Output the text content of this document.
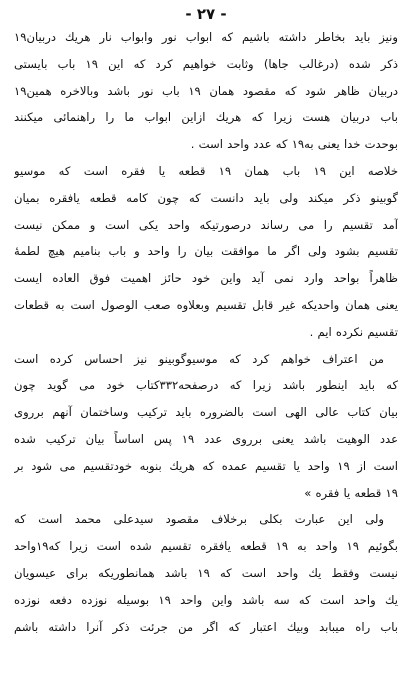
- ٢٧ -
ونيز بايد بخاطر داشته باشيم كه ابواب نور وابواب نار هريك دربيان١٩
ذكر شده (درغالب جاها) وثابت خواهيم كرد كه اين ١٩ باب بايستى
دربيان ظاهر شود كه مقصود همان ١٩ باب نور باشد وبالاخره همين١٩
باب دربيان هست زيرا كه هريك ازاين ابواب ما را راهنمائى ميكنند
بوحدت خدا يعنى به١٩ كه عدد واحد است .
خلاصه اين ١٩ باب همان ١٩ قطعه يا فقره است كه موسيو
گوبينو ذكر ميكند ولى بايد دانست كه چون كامه قطعه يافقره بميان
آمد تقسيم را مى رساند درصورتيكه واحد يكى است و ممكن نيست
تقسيم بشود ولى اگر ما موافقت بيان را واحد و باب بناميم هيچ لطمهٔ
ظاهراً بواحد وارد نمى آيد واين خود حائز اهميت فوق العاده ايست
يعنى همان واحديكه غير قابل تقسيم وبعلاوه صعب الوصول است به قطعات
تقسيم نكرده ايم .
من اعتراف خواهم كرد كه موسيوگوبينو نيز احساس كرده است
كه بايد اينطور باشد زيرا كه درصفحه٣٣٢كتاب خود مى گويد چون
بيان كتاب عالى الهى است بالضروره بايد تركيب وساختمان آنهم برروى
عدد الوهيت باشد يعنى برروى عدد ١٩ پس اساساً بيان تركيب شده
است از ١٩ واحد يا تقسيم عمده كه هريك بنوبه خودتقسيم مى شود بر
١٩ قطعه يا فقره »
ولى اين عبارت بكلى برخلاف مقصود سيدعلى محمد است كه
بگوئيم ١٩ واحد به ١٩ قطعه يافقره تقسيم شده است زيرا كه١٩واحد
نيست وفقط يك واحد است كه ١٩ باشد همانطوريكه براى عيسويان
يك واحد است كه سه باشد واين واحد ١٩ بوسيله نوزده دفعه نوزده
باب راه ميبابد وبيك اعتبار كه اگر من جرئت ذكر آنرا داشته باشم
